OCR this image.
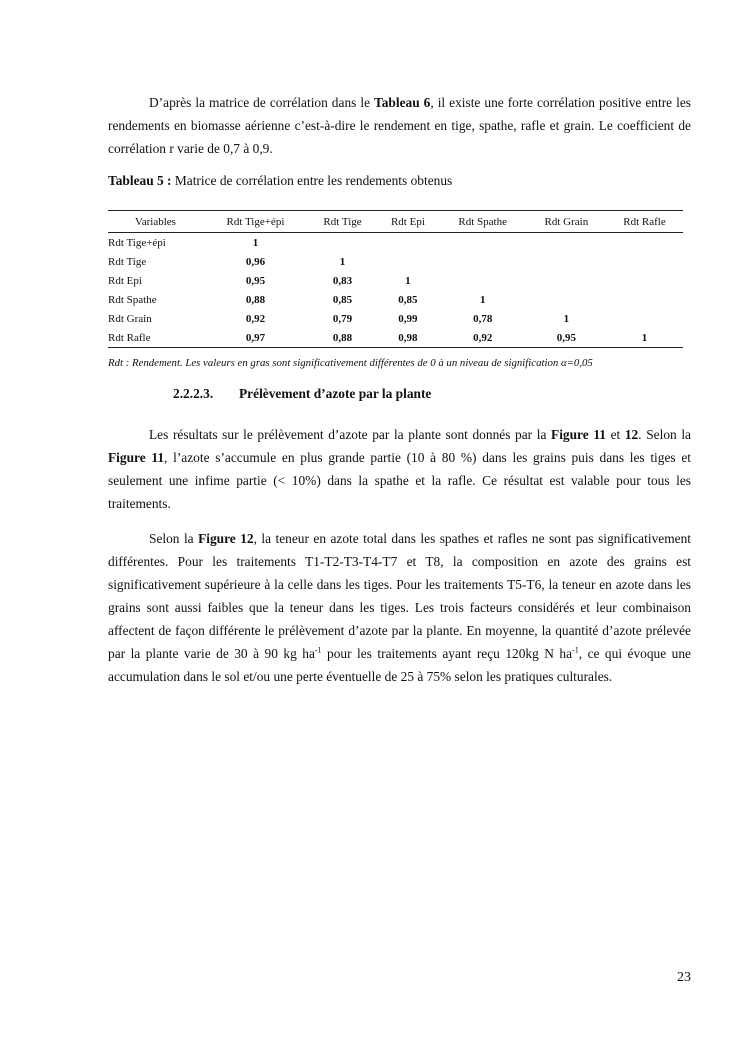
D’après la matrice de corrélation dans le Tableau 6, il existe une forte corrélation positive entre les rendements en biomasse aérienne c’est-à-dire le rendement en tige, spathe, rafle et grain. Le coefficient de corrélation r varie de 0,7 à 0,9.

Tableau 5 : Matrice de corrélation entre les rendements obtenus

Variables	Rdt Tige+épi	Rdt Tige	Rdt Epi	Rdt Spathe	Rdt Grain	Rdt Rafle
Rdt Tige+épi	1					
Rdt Tige	0,96	1				
Rdt Epi	0,95	0,83	1			
Rdt Spathe	0,88	0,85	0,85	1		
Rdt Grain	0,92	0,79	0,99	0,78	1	
Rdt Rafle	0,97	0,88	0,98	0,92	0,95	1

Rdt : Rendement. Les valeurs en gras sont significativement différentes de 0 à un niveau de signification α=0,05

2.2.2.3. Prélèvement d’azote par la plante

Les résultats sur le prélèvement d’azote par la plante sont donnés par la Figure 11 et 12. Selon la Figure 11, l’azote s’accumule en plus grande partie (10 à 80 %) dans les grains puis dans les tiges et seulement une infime partie (< 10%) dans la spathe et la rafle. Ce résultat est valable pour tous les traitements.

Selon la Figure 12, la teneur en azote total dans les spathes et rafles ne sont pas significativement différentes. Pour les traitements T1-T2-T3-T4-T7 et T8, la composition en azote des grains est significativement supérieure à la celle dans les tiges. Pour les traitements T5-T6, la teneur en azote dans les grains sont aussi faibles que la teneur dans les tiges. Les trois facteurs considérés et leur combinaison affectent de façon différente le prélèvement d’azote par la plante. En moyenne, la quantité d’azote prélevée par la plante varie de 30 à 90 kg $ha^{-1}$ pour les traitements ayant reçu 120kg N $ha^{-1}$, ce qui évoque une accumulation dans le sol et/ou une perte éventuelle de 25 à 75% selon les pratiques culturales.

23
